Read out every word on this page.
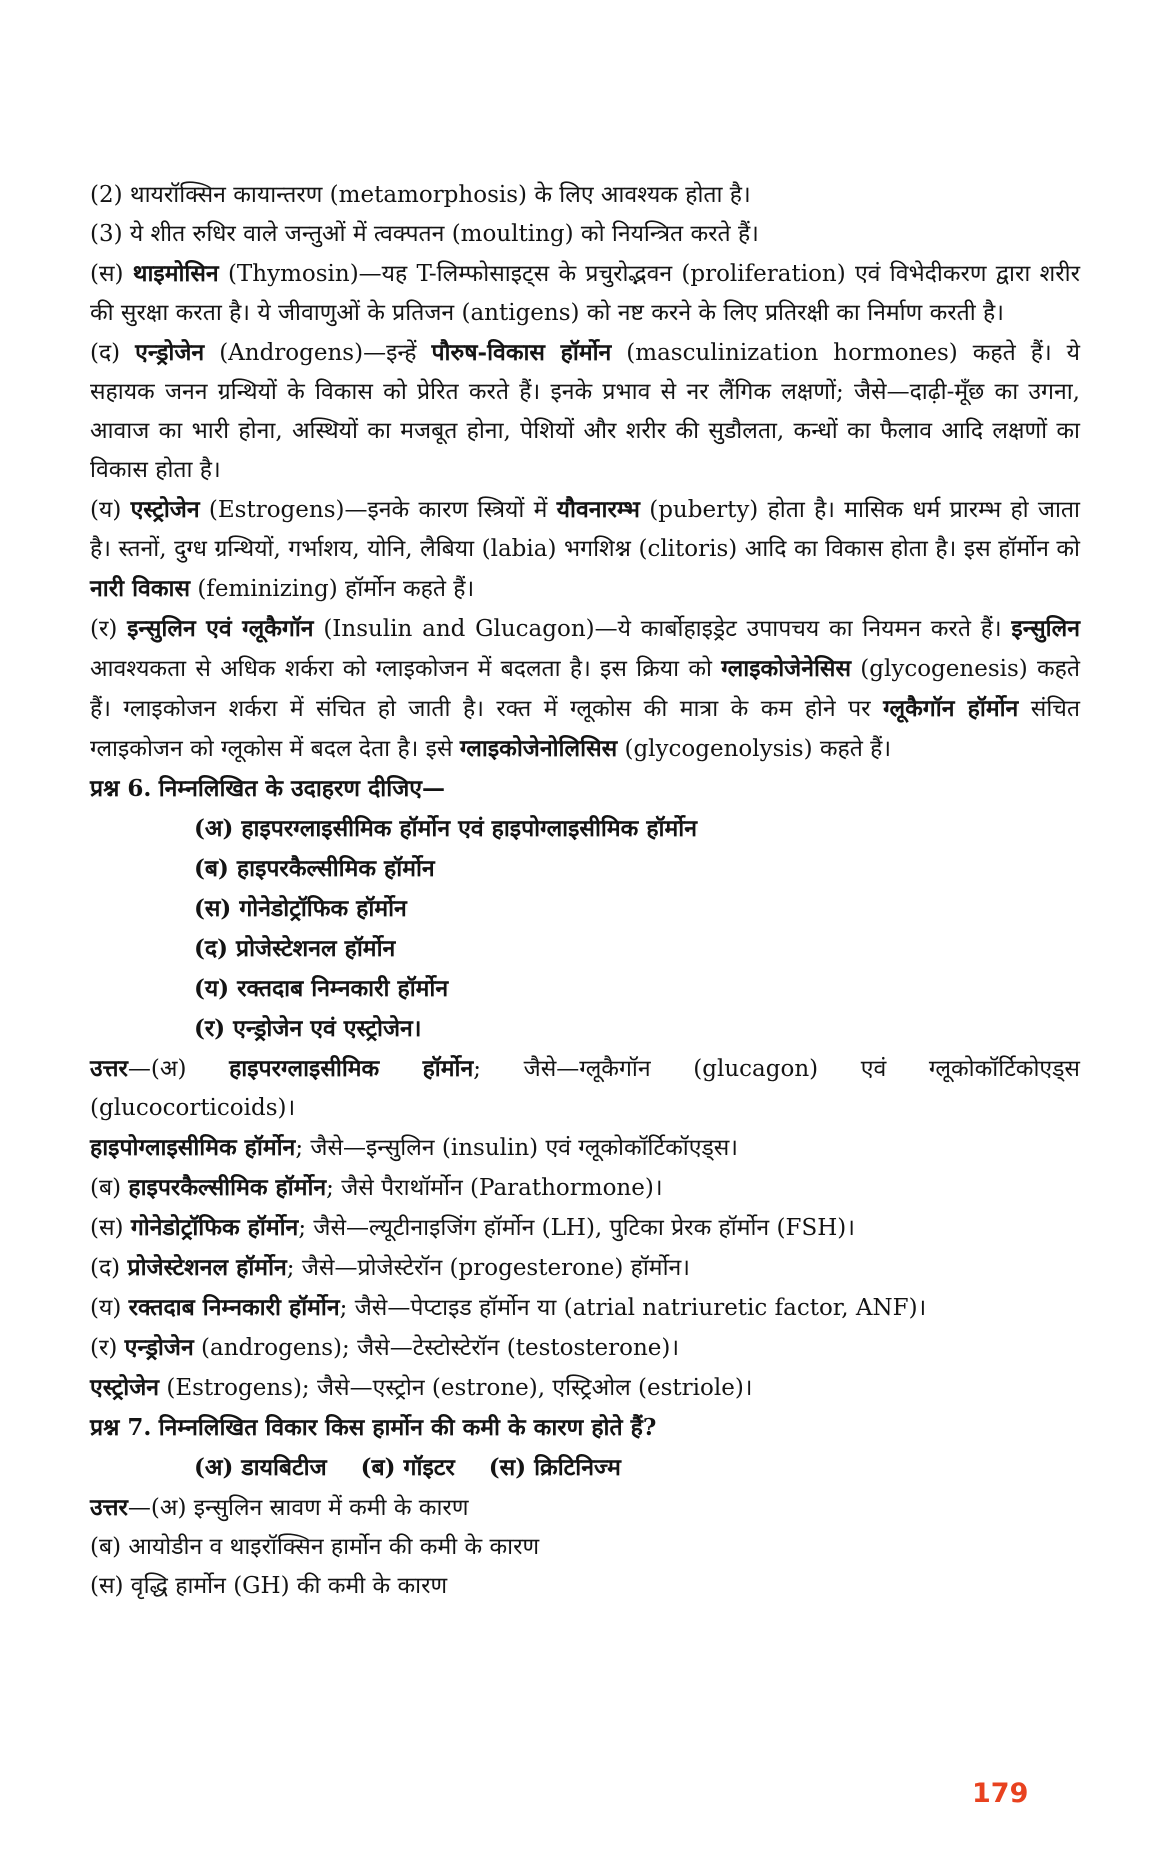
(2) थायरॉक्सिन कायान्तरण (metamorphosis) के लिए आवश्यक होता है।

(3) ये शीत रुधिर वाले जन्तुओं में त्वक्पतन (moulting) को नियन्त्रित करते हैं।

(स) थाइमोसिन (Thymosin)—यह T-लिम्फोसाइट्स के प्रचुरोद्भवन (proliferation) एवं विभेदीकरण द्वारा शरीर की सुरक्षा करता है। ये जीवाणुओं के प्रतिजन (antigens) को नष्ट करने के लिए प्रतिरक्षी का निर्माण करती है।

(द) एन्ड्रोजेन (Androgens)—इन्हें पौरुष-विकास हॉर्मोन (masculinization hormones) कहते हैं। ये सहायक जनन ग्रन्थियों के विकास को प्रेरित करते हैं। इनके प्रभाव से नर लैंगिक लक्षणों; जैसे—दाढ़ी-मूँछ का उगना, आवाज का भारी होना, अस्थियों का मजबूत होना, पेशियों और शरीर की सुडौलता, कन्धों का फैलाव आदि लक्षणों का विकास होता है।

(य) एस्ट्रोजेन (Estrogens)—इनके कारण स्त्रियों में यौवनारम्भ (puberty) होता है। मासिक धर्म प्रारम्भ हो जाता है। स्तनों, दुग्ध ग्रन्थियों, गर्भाशय, योनि, लैबिया (labia) भगशिश्न (clitoris) आदि का विकास होता है। इस हॉर्मोन को नारी विकास (feminizing) हॉर्मोन कहते हैं।

(र) इन्सुलिन एवं ग्लूकैगॉन (Insulin and Glucagon)—ये कार्बोहाइड्रेट उपापचय का नियमन करते हैं। इन्सुलिन आवश्यकता से अधिक शर्करा को ग्लाइकोजन में बदलता है। इस क्रिया को ग्लाइकोजेनेसिस (glycogenesis) कहते हैं। ग्लाइकोजन शर्करा में संचित हो जाती है। रक्त में ग्लूकोस की मात्रा के कम होने पर ग्लूकैगॉन हॉर्मोन संचित ग्लाइकोजन को ग्लूकोस में बदल देता है। इसे ग्लाइकोजेनोलिसिस (glycogenolysis) कहते हैं।

प्रश्न 6. निम्नलिखित के उदाहरण दीजिए—

(अ) हाइपरग्लाइसीमिक हॉर्मोन एवं हाइपोग्लाइसीमिक हॉर्मोन

(ब) हाइपरकैल्सीमिक हॉर्मोन

(स) गोनेडोट्रॉफिक हॉर्मोन

(द) प्रोजेस्टेशनल हॉर्मोन

(य) रक्तदाब निम्नकारी हॉर्मोन

(र) एन्ड्रोजेन एवं एस्ट्रोजेन।

उत्तर—(अ) हाइपरग्लाइसीमिक हॉर्मोन; जैसे—ग्लूकैगॉन (glucagon) एवं ग्लूकोकॉर्टिकोएड्स (glucocorticoids)।

हाइपोग्लाइसीमिक हॉर्मोन; जैसे—इन्सुलिन (insulin) एवं ग्लूकोकॉर्टिकॉएड्स।

(ब) हाइपरकैल्सीमिक हॉर्मोन; जैसे पैराथॉर्मोन (Parathormone)।

(स) गोनेडोट्रॉफिक हॉर्मोन; जैसे—ल्यूटीनाइजिंग हॉर्मोन (LH), पुटिका प्रेरक हॉर्मोन (FSH)।

(द) प्रोजेस्टेशनल हॉर्मोन; जैसे—प्रोजेस्टेरॉन (progesterone) हॉर्मोन।

(य) रक्तदाब निम्नकारी हॉर्मोन; जैसे—पेप्टाइड हॉर्मोन या (atrial natriuretic factor, ANF)।

(र) एन्ड्रोजेन (androgens); जैसे—टेस्टोस्टेरॉन (testosterone)।

एस्ट्रोजेन (Estrogens); जैसे—एस्ट्रोन (estrone), एस्ट्रिओल (estriole)।

प्रश्न 7. निम्नलिखित विकार किस हार्मोन की कमी के कारण होते हैं?

(अ) डायबिटीज (ब) गॉइटर (स) क्रिटिनिज्म

उत्तर—(अ) इन्सुलिन स्रावण में कमी के कारण

(ब) आयोडीन व थाइरॉक्सिन हार्मोन की कमी के कारण

(स) वृद्धि हार्मोन (GH) की कमी के कारण

179
